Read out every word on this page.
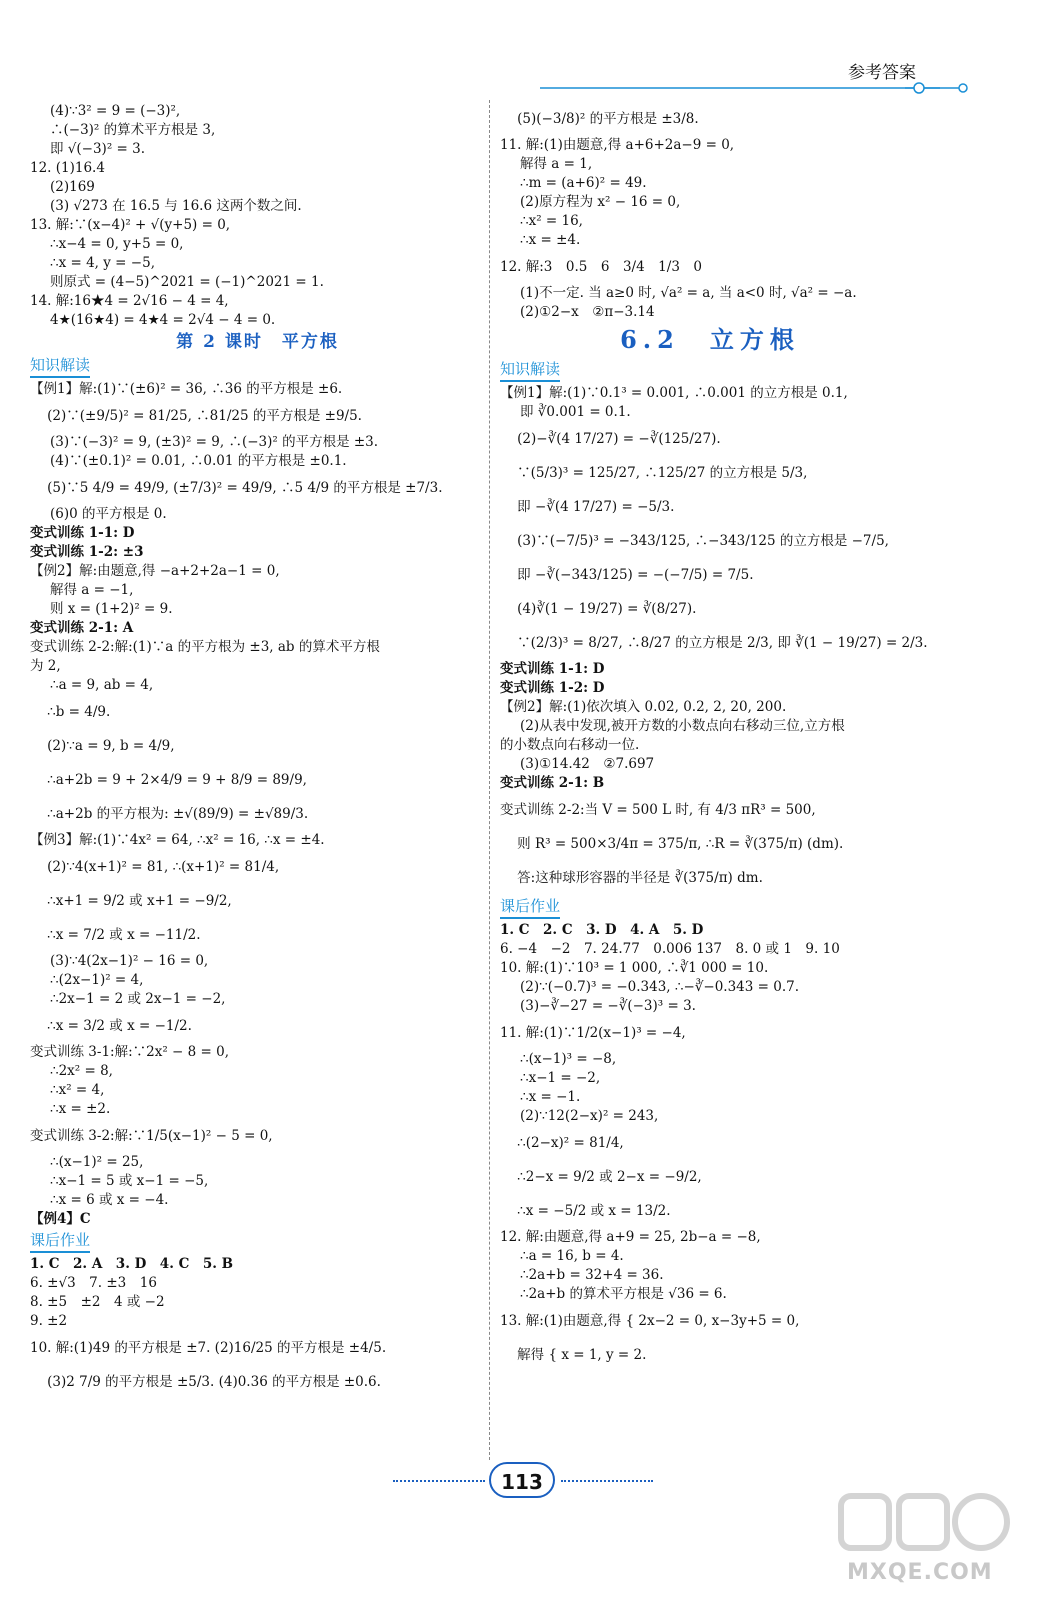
参考答案
(4)∵3² = 9 = (−3)²,
∴(−3)² 的算术平方根是 3,
即 √(−3)² = 3.
12. (1)16.4
(2)169
(3) √273 在 16.5 与 16.6 这两个数之间.
13. 解:∵(x−4)² + √(y+5) = 0,
∴x−4 = 0, y+5 = 0,
∴x = 4, y = −5,
则原式 = (4−5)^2021 = (−1)^2021 = 1.
14. 解:16★4 = 2√16 − 4 = 4,
4★(16★4) = 4★4 = 2√4 − 4 = 0.
第 2 课时　平方根
知识解读
【例1】解:(1)∵(±6)² = 36, ∴36 的平方根是 ±6.
(2)∵(±9/5)² = 81/25, ∴81/25 的平方根是 ±9/5.
(3)∵(−3)² = 9, (±3)² = 9, ∴(−3)² 的平方根是 ±3.
(4)∵(±0.1)² = 0.01, ∴0.01 的平方根是 ±0.1.
(5)∵5 4/9 = 49/9, (±7/3)² = 49/9, ∴5 4/9 的平方根是 ±7/3.
(6)0 的平方根是 0.
变式训练 1-1: D
变式训练 1-2: ±3
【例2】解:由题意,得 −a+2+2a−1 = 0,
解得 a = −1,
则 x = (1+2)² = 9.
变式训练 2-1: A
变式训练 2-2:解:(1)∵a 的平方根为 ±3, ab 的算术平方根
为 2,
∴a = 9, ab = 4,
∴b = 4/9.
(2)∵a = 9, b = 4/9,
∴a+2b = 9 + 2×4/9 = 9 + 8/9 = 89/9,
∴a+2b 的平方根为: ±√(89/9) = ±√89/3.
【例3】解:(1)∵4x² = 64, ∴x² = 16, ∴x = ±4.
(2)∵4(x+1)² = 81, ∴(x+1)² = 81/4,
∴x+1 = 9/2 或 x+1 = −9/2,
∴x = 7/2 或 x = −11/2.
(3)∵4(2x−1)² − 16 = 0,
∴(2x−1)² = 4,
∴2x−1 = 2 或 2x−1 = −2,
∴x = 3/2 或 x = −1/2.
变式训练 3-1:解:∵2x² − 8 = 0,
∴2x² = 8,
∴x² = 4,
∴x = ±2.
变式训练 3-2:解:∵1/5(x−1)² − 5 = 0,
∴(x−1)² = 25,
∴x−1 = 5 或 x−1 = −5,
∴x = 6 或 x = −4.
【例4】C
课后作业
1. C　2. A　3. D　4. C　5. B
6. ±√3　7. ±3　16
8. ±5　±2　4 或 −2
9. ±2
10. 解:(1)49 的平方根是 ±7. (2)16/25 的平方根是 ±4/5.
(3)2 7/9 的平方根是 ±5/3. (4)0.36 的平方根是 ±0.6.
(5)(−3/8)² 的平方根是 ±3/8.
11. 解:(1)由题意,得 a+6+2a−9 = 0,
解得 a = 1,
∴m = (a+6)² = 49.
(2)原方程为 x² − 16 = 0,
∴x² = 16,
∴x = ±4.
12. 解:3　0.5　6　3/4　1/3　0
(1)不一定. 当 a≥0 时, √a² = a, 当 a<0 时, √a² = −a.
(2)①2−x　②π−3.14
6.2　立方根
知识解读
【例1】解:(1)∵0.1³ = 0.001, ∴0.001 的立方根是 0.1,
即 ∛0.001 = 0.1.
(2)−∛(4 17/27) = −∛(125/27).
∵(5/3)³ = 125/27, ∴125/27 的立方根是 5/3,
即 −∛(4 17/27) = −5/3.
(3)∵(−7/5)³ = −343/125, ∴−343/125 的立方根是 −7/5,
即 −∛(−343/125) = −(−7/5) = 7/5.
(4)∛(1 − 19/27) = ∛(8/27).
∵(2/3)³ = 8/27, ∴8/27 的立方根是 2/3, 即 ∛(1 − 19/27) = 2/3.
变式训练 1-1: D
变式训练 1-2: D
【例2】解:(1)依次填入 0.02, 0.2, 2, 20, 200.
(2)从表中发现,被开方数的小数点向右移动三位,立方根
的小数点向右移动一位.
(3)①14.42　②7.697
变式训练 2-1: B
变式训练 2-2:当 V = 500 L 时, 有 4/3 πR³ = 500,
则 R³ = 500×3/4π = 375/π, ∴R = ∛(375/π) (dm).
答:这种球形容器的半径是 ∛(375/π) dm.
课后作业
1. C　2. C　3. D　4. A　5. D
6. −4　−2　7. 24.77　0.006 137　8. 0 或 1　9. 10
10. 解:(1)∵10³ = 1 000, ∴∛1 000 = 10.
(2)∵(−0.7)³ = −0.343, ∴−∛−0.343 = 0.7.
(3)−∛−27 = −∛(−3)³ = 3.
11. 解:(1)∵1/2(x−1)³ = −4,
∴(x−1)³ = −8,
∴x−1 = −2,
∴x = −1.
(2)∵12(2−x)² = 243,
∴(2−x)² = 81/4,
∴2−x = 9/2 或 2−x = −9/2,
∴x = −5/2 或 x = 13/2.
12. 解:由题意,得 a+9 = 25, 2b−a = −8,
∴a = 16, b = 4.
∴2a+b = 32+4 = 36.
∴2a+b 的算术平方根是 √36 = 6.
13. 解:(1)由题意,得 { 2x−2 = 0, x−3y+5 = 0,
解得 { x = 1, y = 2.
113
MXQE.COM
